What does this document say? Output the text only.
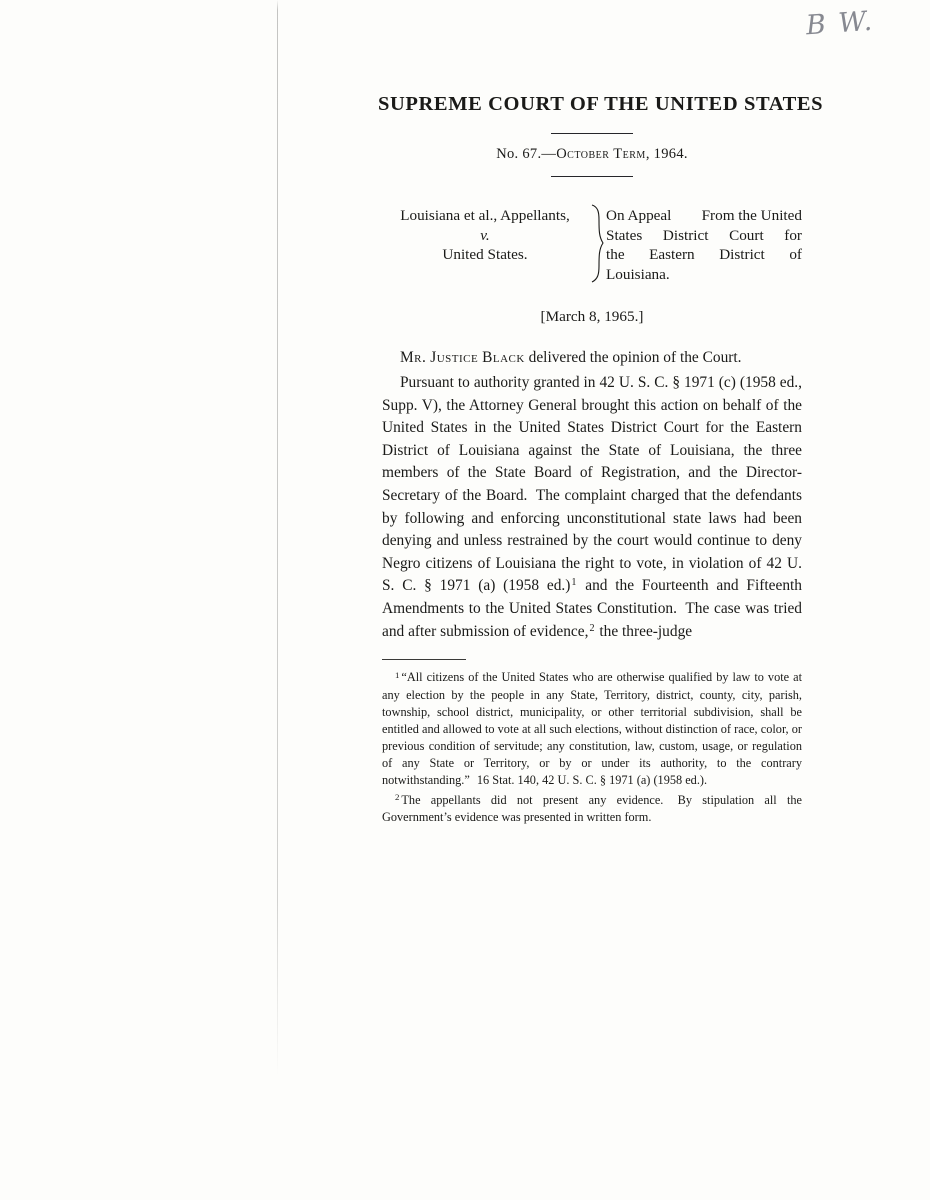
B W.
SUPREME COURT OF THE UNITED STATES

No. 67.—October Term, 1964.

Louisiana et al., Appellants,
v.
United States.
On Appeal From the United
States District Court for
the Eastern District of
Louisiana.

[March 8, 1965.]

Mr. Justice Black delivered the opinion of the Court.

Pursuant to authority granted in 42 U. S. C. § 1971 (c) (1958 ed., Supp. V), the Attorney General brought this action on behalf of the United States in the United States District Court for the Eastern District of Louisiana against the State of Louisiana, the three members of the State Board of Registration, and the Director-Secretary of the Board. The complaint charged that the defendants by following and enforcing unconstitutional state laws had been denying and unless restrained by the court would continue to deny Negro citizens of Louisiana the right to vote, in violation of 42 U. S. C. § 1971 (a) (1958 ed.)$^1$ and the Fourteenth and Fifteenth Amendments to the United States Constitution. The case was tried and after submission of evidence,$^2$ the three-judge

$^1$ “All citizens of the United States who are otherwise qualified by law to vote at any election by the people in any State, Territory, district, county, city, parish, township, school district, municipality, or other territorial subdivision, shall be entitled and allowed to vote at all such elections, without distinction of race, color, or previous condition of servitude; any constitution, law, custom, usage, or regulation of any State or Territory, or by or under its authority, to the contrary notwithstanding.” 16 Stat. 140, 42 U. S. C. § 1971 (a) (1958 ed.).

$^2$ The appellants did not present any evidence. By stipulation all the Government’s evidence was presented in written form.
